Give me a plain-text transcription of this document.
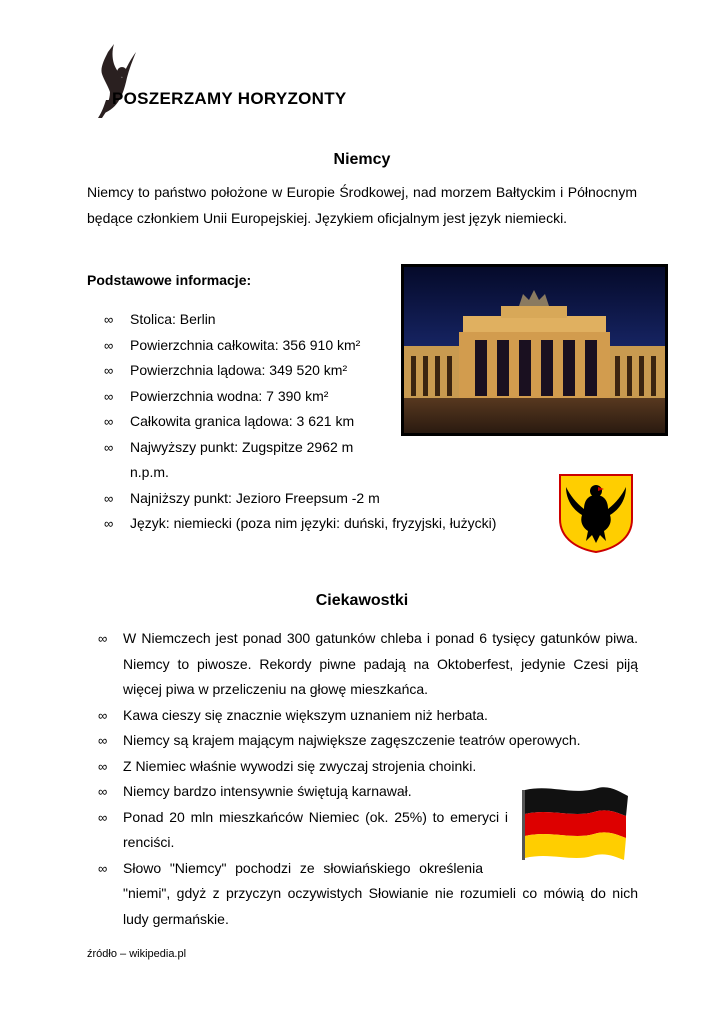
POSZERZAMY HORYZONTY
Niemcy

Niemcy to państwo położone w Europie Środkowej, nad morzem Bałtyckim i Północnym będące członkiem Unii Europejskiej. Językiem oficjalnym jest język niemiecki.

Podstawowe informacje:
∞ Stolica: Berlin
∞ Powierzchnia całkowita: 356 910 km²
∞ Powierzchnia lądowa: 349 520 km²
∞ Powierzchnia wodna: 7 390 km²
∞ Całkowita granica lądowa: 3 621 km
∞ Najwyższy punkt: Zugspitze 2962 m n.p.m.
∞ Najniższy punkt: Jezioro Freepsum -2 m
∞ Język: niemiecki (poza nim języki: duński, fryzyjski, łużycki)
Ciekawostki
∞ W Niemczech jest ponad 300 gatunków chleba i ponad 6 tysięcy gatunków piwa. Niemcy to piwosze. Rekordy piwne padają na Oktoberfest, jedynie Czesi piją więcej piwa w przeliczeniu na głowę mieszkańca.
∞ Kawa cieszy się znacznie większym uznaniem niż herbata.
∞ Niemcy są krajem mającym największe zagęszczenie teatrów operowych.
∞ Z Niemiec właśnie wywodzi się zwyczaj strojenia choinki.
∞ Niemcy bardzo intensywnie świętują karnawał.
∞ Ponad 20 mln mieszkańców Niemiec (ok. 25%) to emeryci i renciści.
∞ Słowo "Niemcy" pochodzi ze słowiańskiego określenia
"niemi", gdyż z przyczyn oczywistych Słowianie nie rozumieli co mówią do nich ludy germańskie.
źródło – wikipedia.pl
